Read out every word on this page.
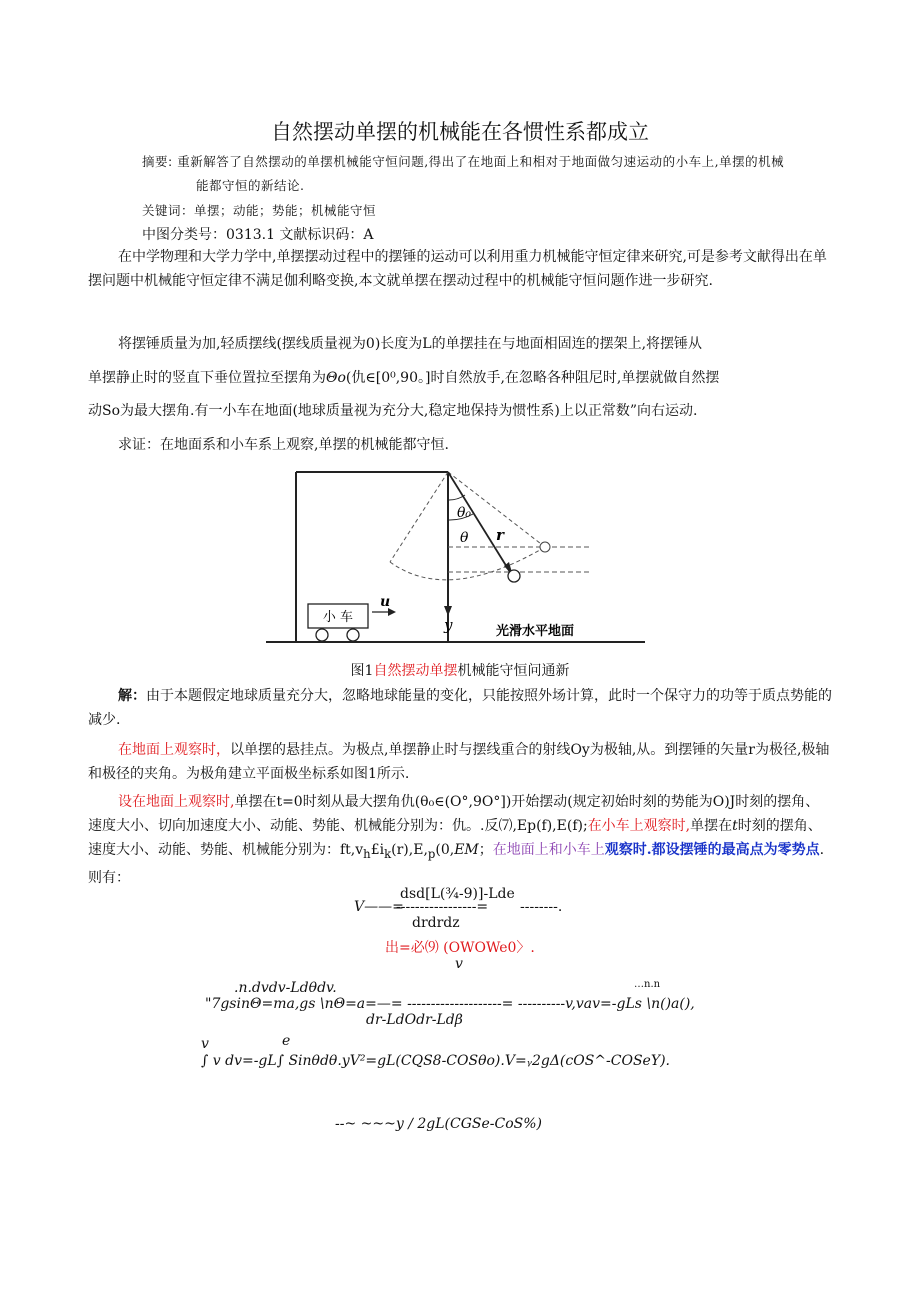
自然摆动单摆的机械能在各惯性系都成立
摘要: 重新解答了自然摆动的单摆机械能守恒问题,得出了在地面上和相对于地面做匀速运动的小车上,单摆的机械
能都守恒的新结论.
关键词：单摆；动能；势能；机械能守恒
中图分类号：0313.1 文献标识码：A
在中学物理和大学力学中,单摆摆动过程中的摆锤的运动可以利用重力机械能守恒定律来研究,可是参考文献得出在单摆问题中机械能守恒定律不满足伽利略变换,本文就单摆在摆动过程中的机械能守恒问题作进一步研究.
将摆锤质量为加,轻质摆线(摆线质量视为0)长度为L的单摆挂在与地面相固连的摆架上,将摆锤从
单摆静止时的竖直下垂位置拉至摆角为Θo(仇∈[0⁰,90。]时自然放手,在忽略各种阻尼时,单摆就做自然摆
动So为最大摆角.有一小车在地面(地球质量视为充分大,稳定地保持为惯性系)上以正常数”向右运动.
求证：在地面系和小车系上观察,单摆的机械能都守恒.
θ₀
θ r
y
小 车
u
光滑水平地面
图1自然摆动单摆机械能守恒问通新
解：由于本题假定地球质量充分大，忽略地球能量的变化，只能按照外场计算，此时一个保守力的功等于质点势能的减少.
在地面上观察时，以单摆的悬挂点。为极点,单摆静止时与摆线重合的射线Oy为极轴,从。到摆锤的矢量r为极径,极轴和极径的夹角。为极角建立平面极坐标系如图1所示.
设在地面上观察时,单摆在t=0时刻从最大摆角仇(θ₀∈(O°,9O°])开始摆动(规定初始时刻的势能为O)J时刻的摆角、速度大小、切向加速度大小、动能、势能、机械能分别为：仇。.反⑺,Ep(f),E(f);在小车上观察时,单摆在t时刻的摆角、速度大小、动能、势能、机械能分别为：$ft,v_h£i_k(r),E,_p(0,EM$；在地面上和小车上观察时.都设摆锤的最高点为零势点.则有：
V——=
dsd[L(¾-9)]-Lde
-----------------= --------.
drdrdz
出=必⑼ (OWOWe0〉.
v
.n.dvdv-Ldθdv.	…n.n
"7gsinΘ=ma,gs \nΘ=a=—= --------------------= ----------v,vav=-gLs \n()a(),
dr-LdOdr-Ldβ
v	e
∫ v dv=-gL∫ Sinθdθ.yV²=gL(CQS8-COSθo).V=ᵧ2gΔ(cOS^-COSeY).
--~ ~~~y ∕ 2gL(CGSe-CoS%)
